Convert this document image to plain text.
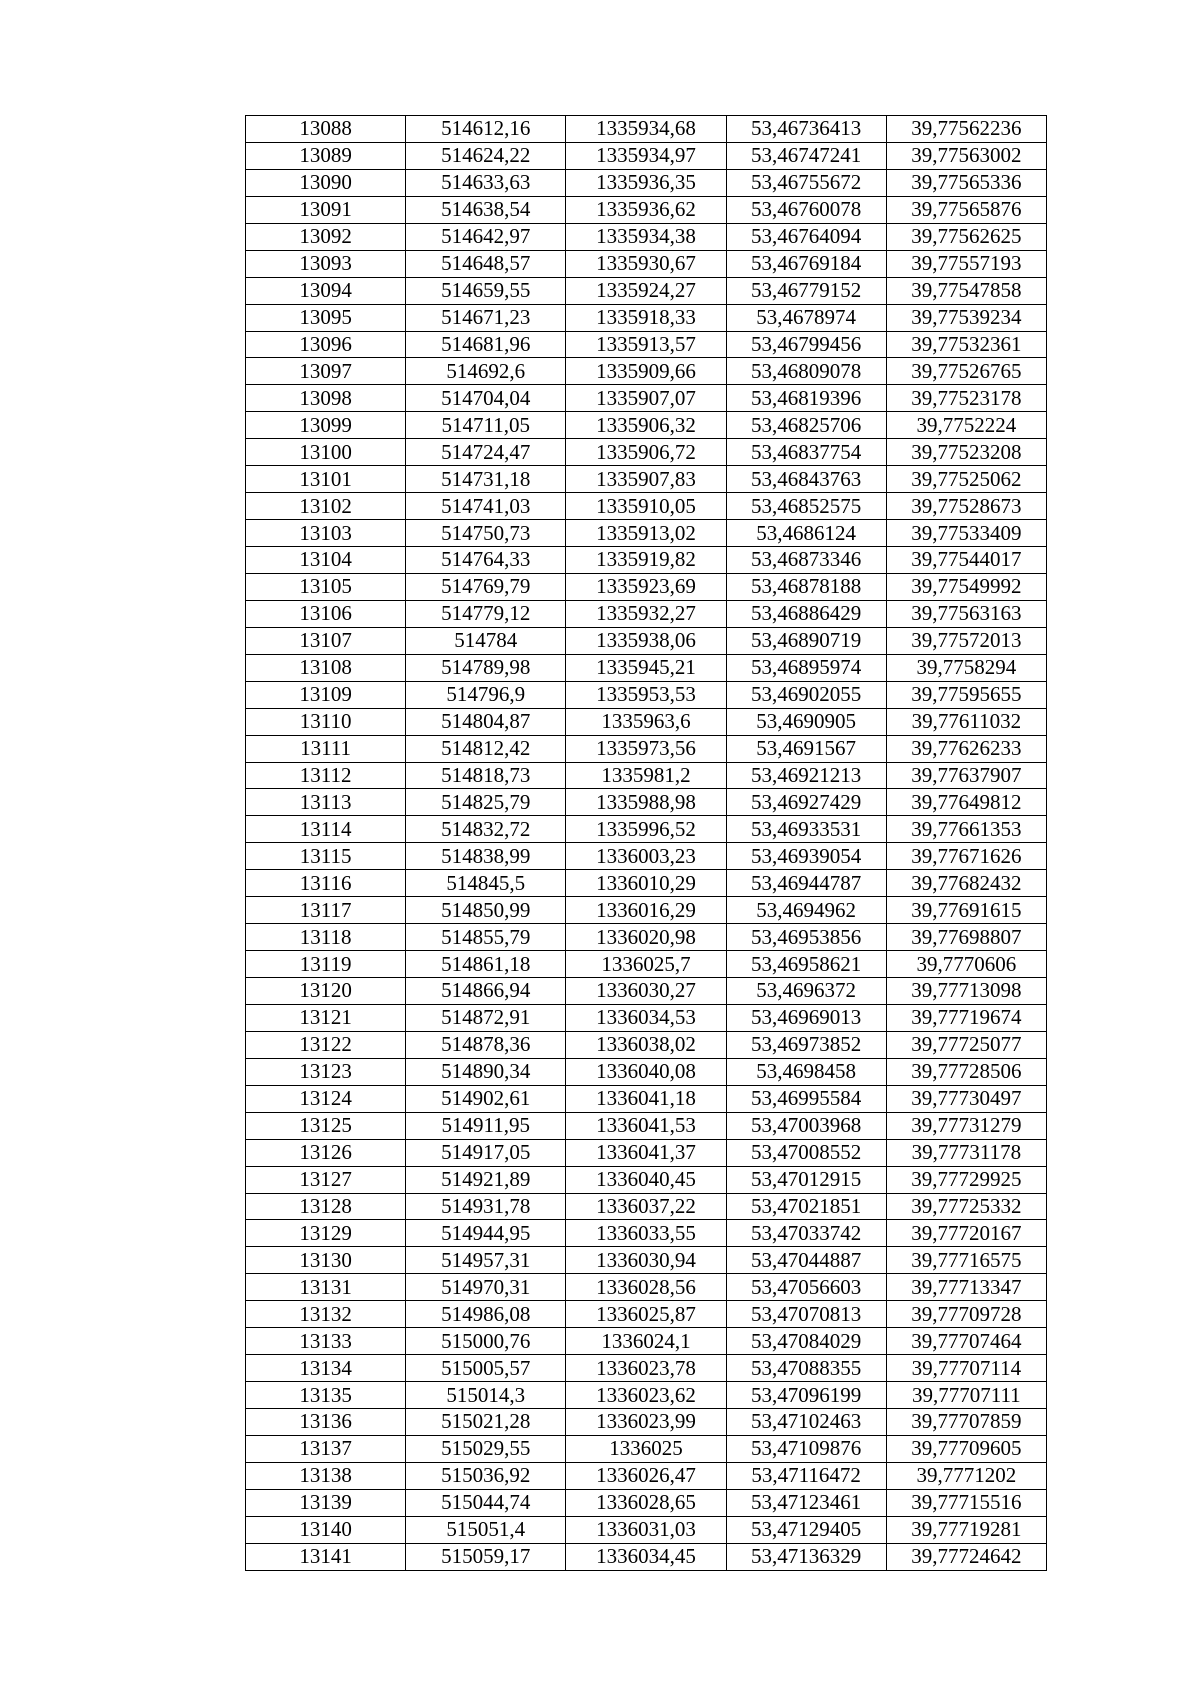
13088	514612,16	1335934,68	53,46736413	39,77562236
13089	514624,22	1335934,97	53,46747241	39,77563002
13090	514633,63	1335936,35	53,46755672	39,77565336
13091	514638,54	1335936,62	53,46760078	39,77565876
13092	514642,97	1335934,38	53,46764094	39,77562625
13093	514648,57	1335930,67	53,46769184	39,77557193
13094	514659,55	1335924,27	53,46779152	39,77547858
13095	514671,23	1335918,33	53,4678974	39,77539234
13096	514681,96	1335913,57	53,46799456	39,77532361
13097	514692,6	1335909,66	53,46809078	39,77526765
13098	514704,04	1335907,07	53,46819396	39,77523178
13099	514711,05	1335906,32	53,46825706	39,7752224
13100	514724,47	1335906,72	53,46837754	39,77523208
13101	514731,18	1335907,83	53,46843763	39,77525062
13102	514741,03	1335910,05	53,46852575	39,77528673
13103	514750,73	1335913,02	53,4686124	39,77533409
13104	514764,33	1335919,82	53,46873346	39,77544017
13105	514769,79	1335923,69	53,46878188	39,77549992
13106	514779,12	1335932,27	53,46886429	39,77563163
13107	514784	1335938,06	53,46890719	39,77572013
13108	514789,98	1335945,21	53,46895974	39,7758294
13109	514796,9	1335953,53	53,46902055	39,77595655
13110	514804,87	1335963,6	53,4690905	39,77611032
13111	514812,42	1335973,56	53,4691567	39,77626233
13112	514818,73	1335981,2	53,46921213	39,77637907
13113	514825,79	1335988,98	53,46927429	39,77649812
13114	514832,72	1335996,52	53,46933531	39,77661353
13115	514838,99	1336003,23	53,46939054	39,77671626
13116	514845,5	1336010,29	53,46944787	39,77682432
13117	514850,99	1336016,29	53,4694962	39,77691615
13118	514855,79	1336020,98	53,46953856	39,77698807
13119	514861,18	1336025,7	53,46958621	39,7770606
13120	514866,94	1336030,27	53,4696372	39,77713098
13121	514872,91	1336034,53	53,46969013	39,77719674
13122	514878,36	1336038,02	53,46973852	39,77725077
13123	514890,34	1336040,08	53,4698458	39,77728506
13124	514902,61	1336041,18	53,46995584	39,77730497
13125	514911,95	1336041,53	53,47003968	39,77731279
13126	514917,05	1336041,37	53,47008552	39,77731178
13127	514921,89	1336040,45	53,47012915	39,77729925
13128	514931,78	1336037,22	53,47021851	39,77725332
13129	514944,95	1336033,55	53,47033742	39,77720167
13130	514957,31	1336030,94	53,47044887	39,77716575
13131	514970,31	1336028,56	53,47056603	39,77713347
13132	514986,08	1336025,87	53,47070813	39,77709728
13133	515000,76	1336024,1	53,47084029	39,77707464
13134	515005,57	1336023,78	53,47088355	39,77707114
13135	515014,3	1336023,62	53,47096199	39,77707111
13136	515021,28	1336023,99	53,47102463	39,77707859
13137	515029,55	1336025	53,47109876	39,77709605
13138	515036,92	1336026,47	53,47116472	39,7771202
13139	515044,74	1336028,65	53,47123461	39,77715516
13140	515051,4	1336031,03	53,47129405	39,77719281
13141	515059,17	1336034,45	53,47136329	39,77724642
